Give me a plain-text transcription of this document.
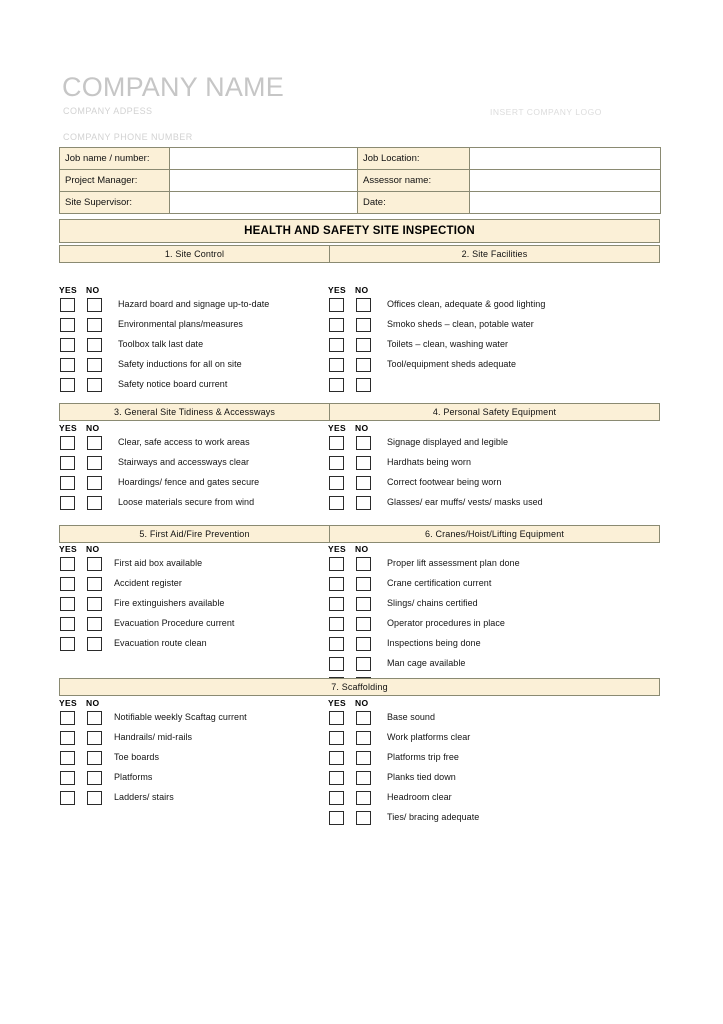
COMPANY NAME
COMPANY ADPESS
COMPANY PHONE NUMBER
INSERT COMPANY LOGO
Job name / number:		Job Location:	
Project Manager:		Assessor name:	
Site Supervisor:		Date:	
HEALTH AND SAFETY SITE INSPECTION
1. Site Control	2. Site Facilities
YES NO
Hazard board and signage up-to-date
Environmental plans/measures
Toolbox talk last date
Safety inductions for all on site
Safety notice board current
YES NO
Offices clean, adequate & good lighting
Smoko sheds – clean, potable water
Toilets – clean, washing water
Tool/equipment sheds adequate
3. General Site Tidiness & Accessways	4. Personal Safety Equipment
YES NO
Clear, safe access to work areas
Stairways and accessways clear
Hoardings/ fence and gates secure
Loose materials secure from wind
YES NO
Signage displayed and legible
Hardhats being worn
Correct footwear being worn
Glasses/ ear muffs/ vests/ masks used
5. First Aid/Fire Prevention	6. Cranes/Hoist/Lifting Equipment
YES NO
First aid box available
Accident register
Fire extinguishers available
Evacuation Procedure current
Evacuation route clean
YES NO
Proper lift assessment plan done
Crane certification current
Slings/ chains certified
Operator procedures in place
Inspections being done
Man cage available
7. Scaffolding
YES NO
Notifiable weekly Scaftag current
Handrails/ mid-rails
Toe boards
Platforms
Ladders/ stairs
YES NO
Base sound
Work platforms clear
Platforms trip free
Planks tied down
Headroom clear
Ties/ bracing adequate
